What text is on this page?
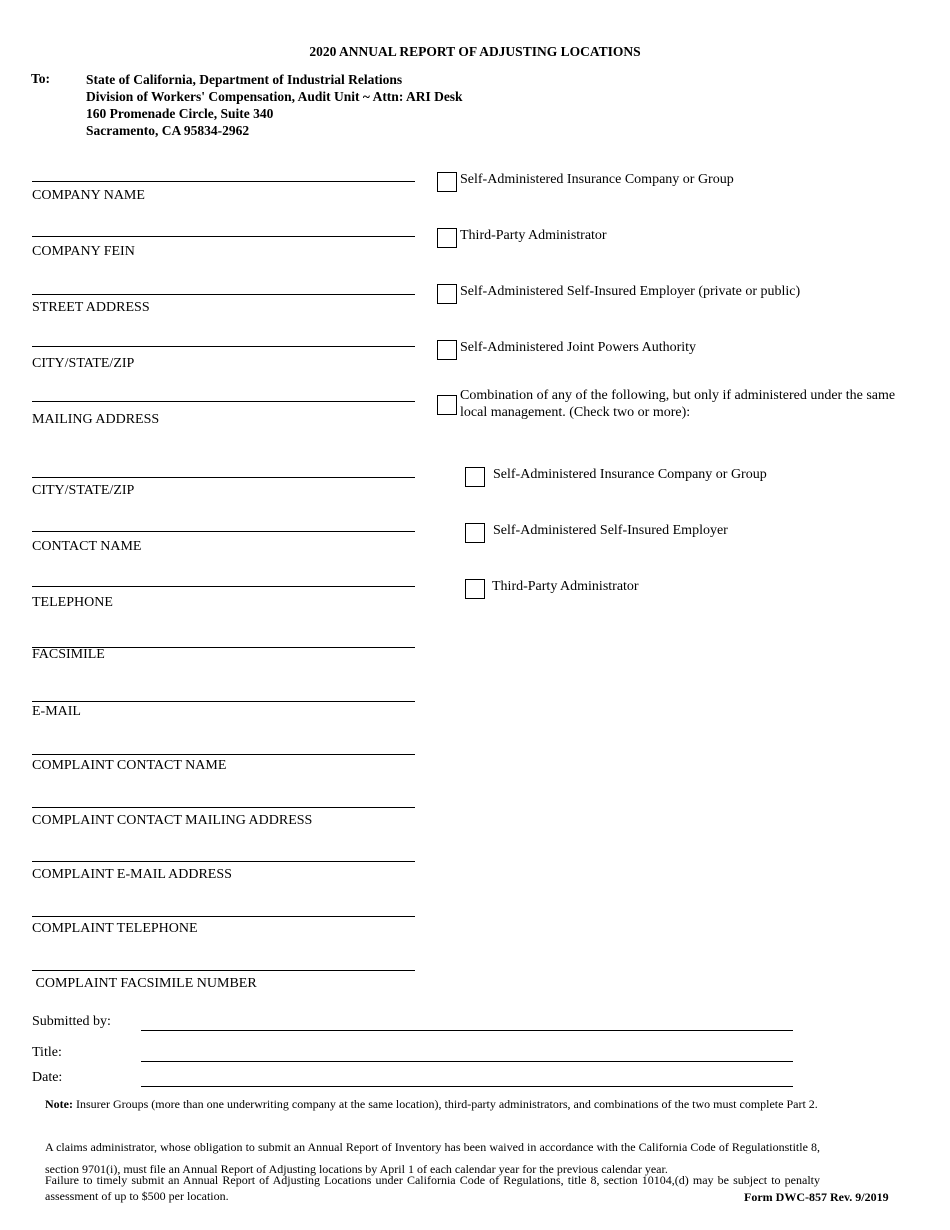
2020 ANNUAL REPORT OF ADJUSTING LOCATIONS
To:	State of California, Department of Industrial Relations
Division of Workers' Compensation, Audit Unit ~ Attn: ARI Desk
160 Promenade Circle, Suite 340
Sacramento, CA 95834-2962
COMPANY NAME
COMPANY FEIN
STREET ADDRESS
CITY/STATE/ZIP
MAILING ADDRESS
CITY/STATE/ZIP
CONTACT NAME
TELEPHONE
FACSIMILE
E-MAIL
COMPLAINT CONTACT NAME
COMPLAINT CONTACT MAILING ADDRESS
COMPLAINT E-MAIL ADDRESS
COMPLAINT TELEPHONE
COMPLAINT FACSIMILE NUMBER
Self-Administered Insurance Company or Group
Third-Party Administrator
Self-Administered Self-Insured Employer (private or public)
Self-Administered Joint Powers Authority
Combination of any of the following, but only if administered under the same local management. (Check two or more):
Self-Administered Insurance Company or Group
Self-Administered Self-Insured Employer
Third-Party Administrator
Submitted by:
Title:
Date:
Note: Insurer Groups (more than one underwriting company at the same location), third-party administrators, and combinations of the two must complete Part 2.
A claims administrator, whose obligation to submit an Annual Report of Inventory has been waived in accordance with the California Code of Regulationstitle 8, section 9701(i), must file an Annual Report of Adjusting locations by April 1 of each calendar year for the previous calendar year.
Failure to timely submit an Annual Report of Adjusting Locations under California Code of Regulations, title 8, section 10104,(d) may be subject to penalty assessment of up to $500 per location.	Form DWC-857 Rev. 9/2019
